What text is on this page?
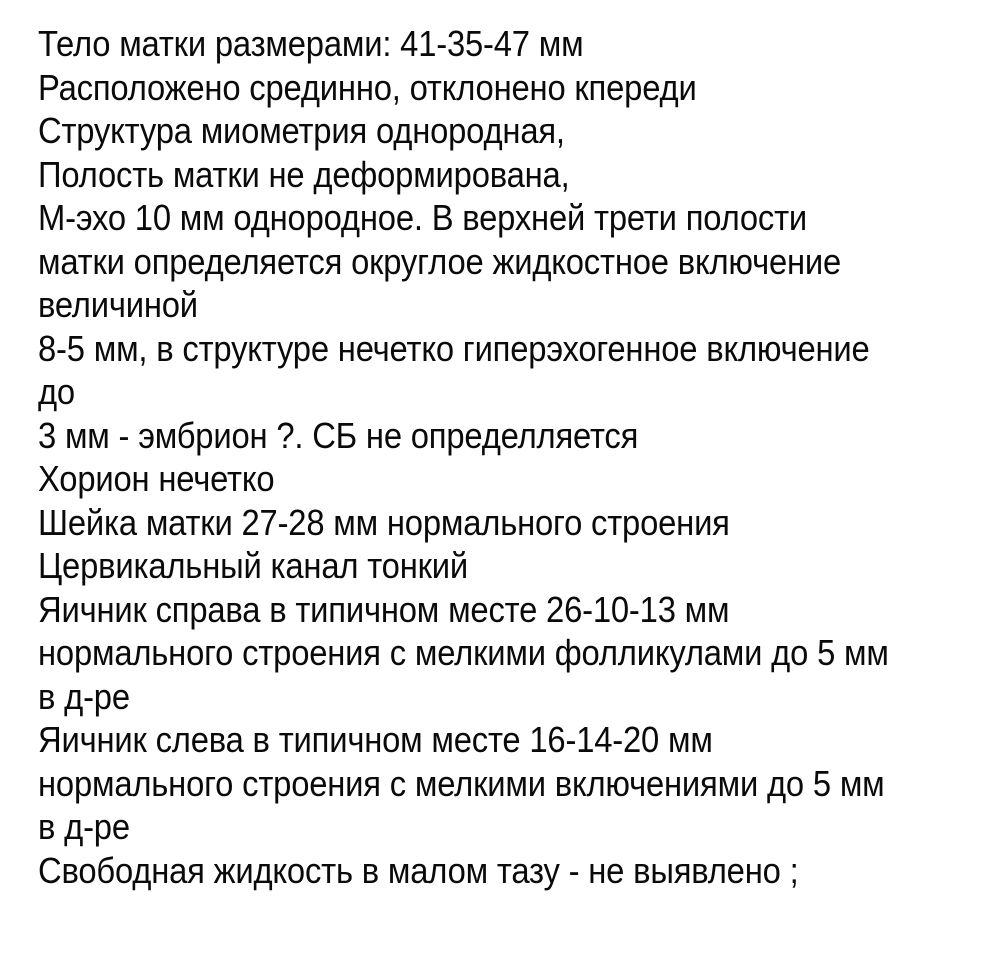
Тело матки размерами: 41-35-47 мм
Расположено срединно, отклонено кпереди
Структура миометрия однородная,
Полость матки не деформирована,
М-эхо 10 мм однородное. В верхней трети полости
матки определяется округлое жидкостное включение
величиной
8-5 мм, в структуре нечетко гиперэхогенное включение
до
3 мм - эмбрион ?. СБ не определляется
Хорион нечетко
Шейка матки 27-28 мм нормального строения
Цервикальный канал тонкий
Яичник справа в типичном месте 26-10-13 мм
нормального строения с мелкими фолликулами до 5 мм
в д-ре
Яичник слева в типичном месте 16-14-20 мм
нормального строения с мелкими включениями до 5 мм
в д-ре
Свободная жидкость в малом тазу - не выявлено ;
